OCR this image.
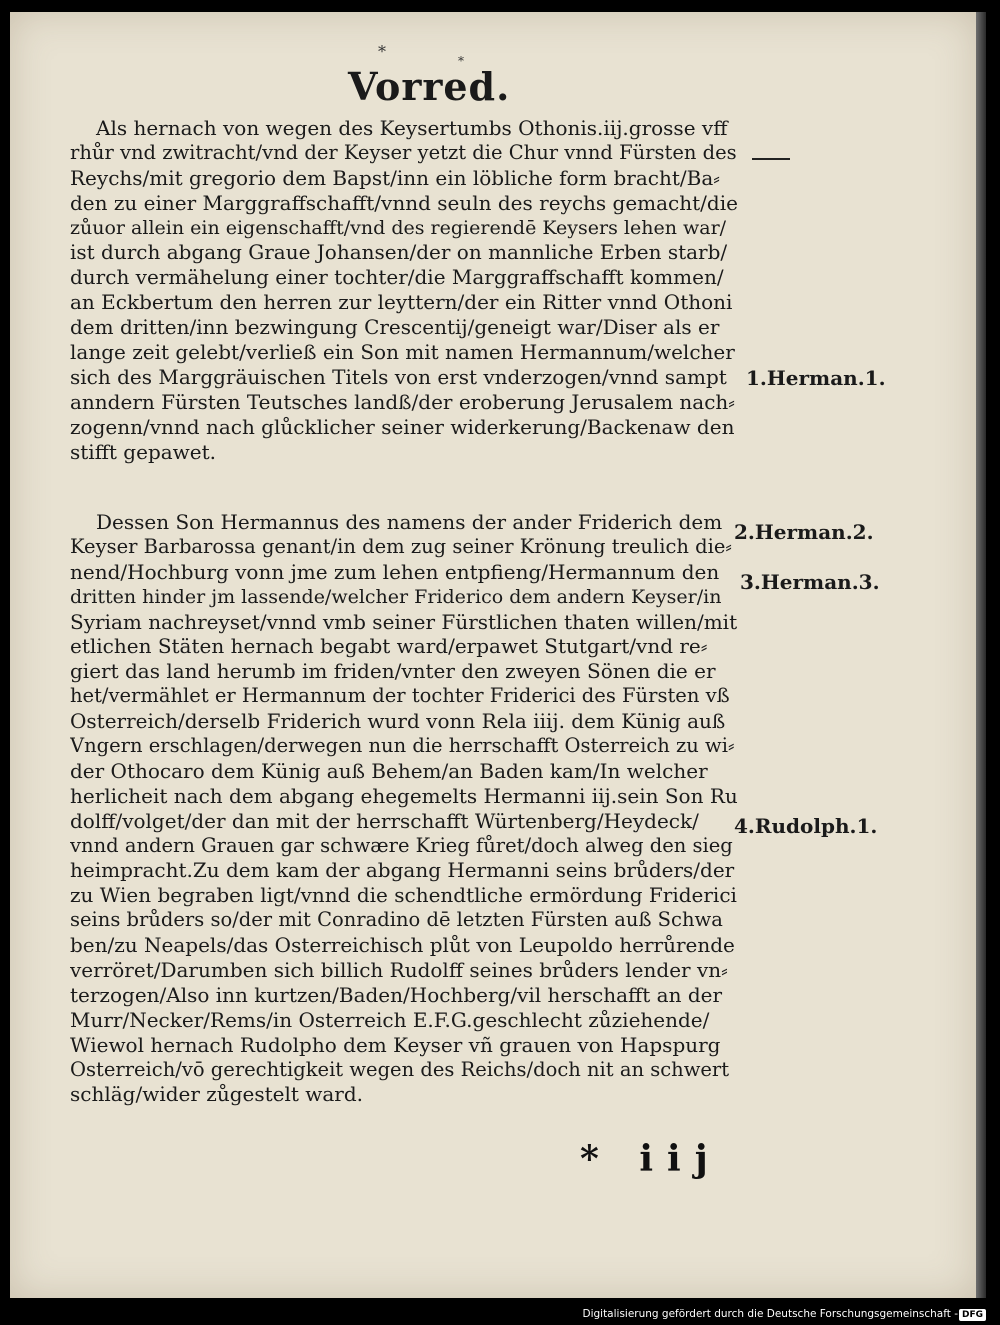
*	*
Vorred.
Als hernach von wegen des Keysertumbs Othonis.iij.grosse vff
rhůr vnd zwitracht/vnd der Keyser yetzt die Chur vnnd Fürsten des
Reychs/mit gregorio dem Bapst/inn ein löbliche form bracht/Ba⸗
den zu einer Marggraffschafft/vnnd seuln des reychs gemacht/die
zůuor allein ein eigenschafft/vnd des regierendē Keysers lehen war/
ist durch abgang Graue Johansen/der on mannliche Erben starb/
durch vermähelung einer tochter/die Marggraffschafft kommen/
an Eckbertum den herren zur leyttern/der ein Ritter vnnd Othoni
dem dritten/inn bezwingung Crescentij/geneigt war/Diser als er
lange zeit gelebt/verließ ein Son mit namen Hermannum/welcher
sich des Marggräuischen Titels von erst vnderzogen/vnnd sampt
anndern Fürsten Teutsches landß/der eroberung Jerusalem nach⸗
zogenn/vnnd nach glůcklicher seiner widerkerung/Backenaw den
stifft gepawet.
Dessen Son Hermannus des namens der ander Friderich dem
Keyser Barbarossa genant/in dem zug seiner Krönung treulich die⸗
nend/Hochburg vonn jme zum lehen entpfieng/Hermannum den
dritten hinder jm lassende/welcher Friderico dem andern Keyser/in
Syriam nachreyset/vnnd vmb seiner Fürstlichen thaten willen/mit
etlichen Stäten hernach begabt ward/erpawet Stutgart/vnd re⸗
giert das land herumb im friden/vnter den zweyen Sönen die er
het/vermählet er Hermannum der tochter Friderici des Fürsten vß
Osterreich/derselb Friderich wurd vonn Rela iiij. dem Künig auß
Vngern erschlagen/derwegen nun die herrschafft Osterreich zu wi⸗
der Othocaro dem Künig auß Behem/an Baden kam/In welcher
herlicheit nach dem abgang ehegemelts Hermanni iij.sein Son Ru
dolff/volget/der dan mit der herrschafft Würtenberg/Heydeck/
vnnd andern Grauen gar schwære Krieg fůret/doch alweg den sieg
heimpracht.Zu dem kam der abgang Hermanni seins brůders/der
zu Wien begraben ligt/vnnd die schendtliche ermördung Friderici
seins brůders so/der mit Conradino dē letzten Fürsten auß Schwa
ben/zu Neapels/das Osterreichisch plůt von Leupoldo herrůrende
verröret/Darumben sich billich Rudolff seines brůders lender vn⸗
terzogen/Also inn kurtzen/Baden/Hochberg/vil herschafft an der
Murr/Necker/Rems/in Osterreich E.F.G.geschlecht zůziehende/
Wiewol hernach Rudolpho dem Keyser vñ grauen von Hapspurg
Osterreich/vō gerechtigkeit wegen des Reichs/doch nit an schwert
schläg/wider zůgestelt ward.
1.Herman.1.
2.Herman.2.
3.Herman.3.
4.Rudolph.1.
* iij
Digitalisierung gefördert durch die Deutsche Forschungsgemeinschaft - DFG
